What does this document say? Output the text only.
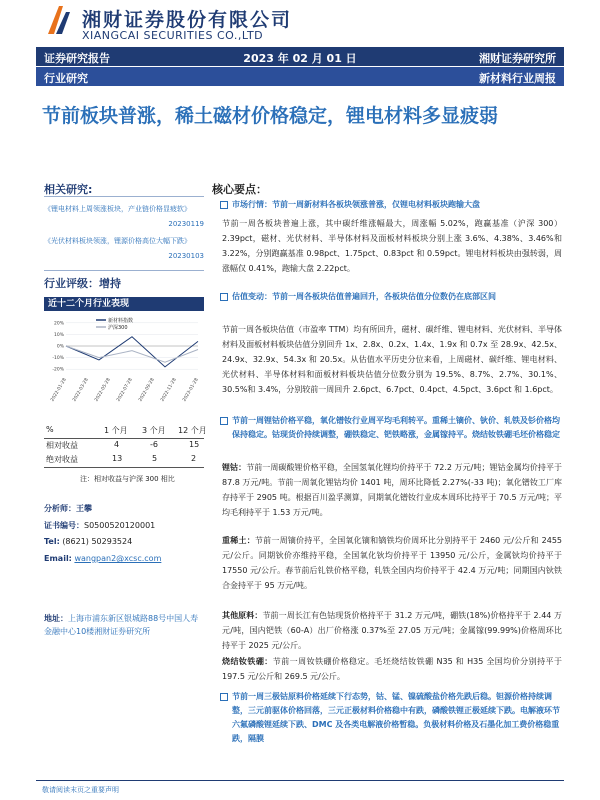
湘财证券股份有限公司
XIANGCAI SECURITIES CO.,LTD
证券研究报告	2023 年 02 月 01 日	湘财证券研究所
行业研究	新材料行业周报
节前板块普涨，稀土磁材价格稳定，锂电材料多显疲弱
相关研究:
《锂电材料上周领涨板块，产业链价格显疲软》
20230119
《光伏材料板块领涨，锂源价格高位大幅下跌》
20230103
行业评级：增持
近十二个月行业表现
-20%
-10%
0%
10%
20%
2022-01-28 2022-03-28 2022-05-28 2022-07-28 2022-09-28 2022-11-28 2023-01-28
新材料指数
沪深300
%	1 个月 3 个月 12 个月
相对收益	4	-6	15
绝对收益	13	5	2
注：相对收益与沪深 300 相比
分析师：王攀
证书编号：S0500520120001
Tel: (8621) 50293524
Email: wangpan2@xcsc.com
地址：上海市浦东新区银城路88号中国人寿金融中心10楼湘财证券研究所
核心要点：
市场行情：节前一周新材料各板块领涨普涨，仅锂电材料板块跑输大盘
节前一周各板块普遍上涨，其中碳纤维涨幅最大，周涨幅 5.02%，跑赢基准（沪深 300）2.39pct，磁材、光伏材料、半导体材料及面板材料板块分别上涨 3.6%、4.38%、3.46%和 3.22%，分别跑赢基准 0.98pct、1.75pct、0.83pct 和 0.59pct。锂电材料板块由强转弱，周涨幅仅 0.41%，跑输大盘 2.22pct。
估值变动：节前一周各板块估值普遍回升，各板块估值分位数仍在底部区间
节前一周各板块估值（市盈率 TTM）均有所回升，磁材、碳纤维、锂电材料、光伏材料、半导体材料及面板材料板块估值分别回升 1x、2.8x、0.2x、1.4x、1.9x 和 0.7x 至 28.9x、42.5x、24.9x、32.9x、54.3x 和 20.5x。从估值水平历史分位来看，上周磁材、碳纤维、锂电材料、光伏材料、半导体材料和面板材料板块估值分位数分别为 19.5%、8.7%、2.7%、30.1%、30.5%和 3.4%，分别较前一周回升 2.6pct、6.7pct、0.4pct、4.5pct、3.6pct 和 1.6pct。
节前一周锂钴价格平稳，氧化镨钕行业周平均毛利转平。重稀土镝价、钬价、轧铁及钐价格均保持稳定。钴现货价持续调整，硼铁稳定、钯铁略涨，金属镓持平。烧结钕铁硼毛坯价格稳定
锂钴：节前一周碳酸锂价格平稳，全国氢氧化锂均价持平于 72.2 万元/吨；锂钴金属均价持平于 87.8 万元/吨。节前一周氧化锂钴均价 1401 吨，周环比降低 2.27%(-33 吨)；氧化镨钕工厂库存持平于 2905 吨。根据百川盈孚测算，同期氧化镨钕行业成本周环比持平于 70.5 万元/吨；平均毛利持平于 1.53 万元/吨。
重稀土：节前一周镝价持平，全国氧化镝和镝铁均价周环比分别持平于 2460 元/公斤和 2455 元/公斤。同期钬价亦维持平稳，全国氧化钬均价持平于 13950 元/公斤，金属钬均价持平于 17550 元/公斤。春节前后钆铁价格平稳，轧铁全国内均价持平于 42.4 万元/吨；同期国内钬铁合金持平于 95 万元/吨。
其他原料：节前一周长江有色钴现货价格持平于 31.2 万元/吨，硼铁(18%)价格持平于 2.44 万元/吨，国内钯铁（60-A）出厂价格涨 0.37%至 27.05 万元/吨；金属镓(99.99%)价格周环比持平于 2025 元/公斤。
烧结钕铁硼：节前一周钕铁硼价格稳定。毛坯烧结钕铁硼 N35 和 H35 全国均价分别持平于 197.5 元/公斤和 269.5 元/公斤。
节前一周三极钴原料价格延续下行态势，钴、锰、镍硫酸盐价格先跌后稳。钽源价格持续调整，三元前驱体价格回落，三元正极材料价格稳中有跌，磷酸铁锂正极延续下跌。电解液环节六氟磷酸锂延续下跌、DMC 及各类电解液价格暂稳。负极材料价格及石墨化加工费价格稳重跌，隔膜
敬请阅读末页之重要声明
